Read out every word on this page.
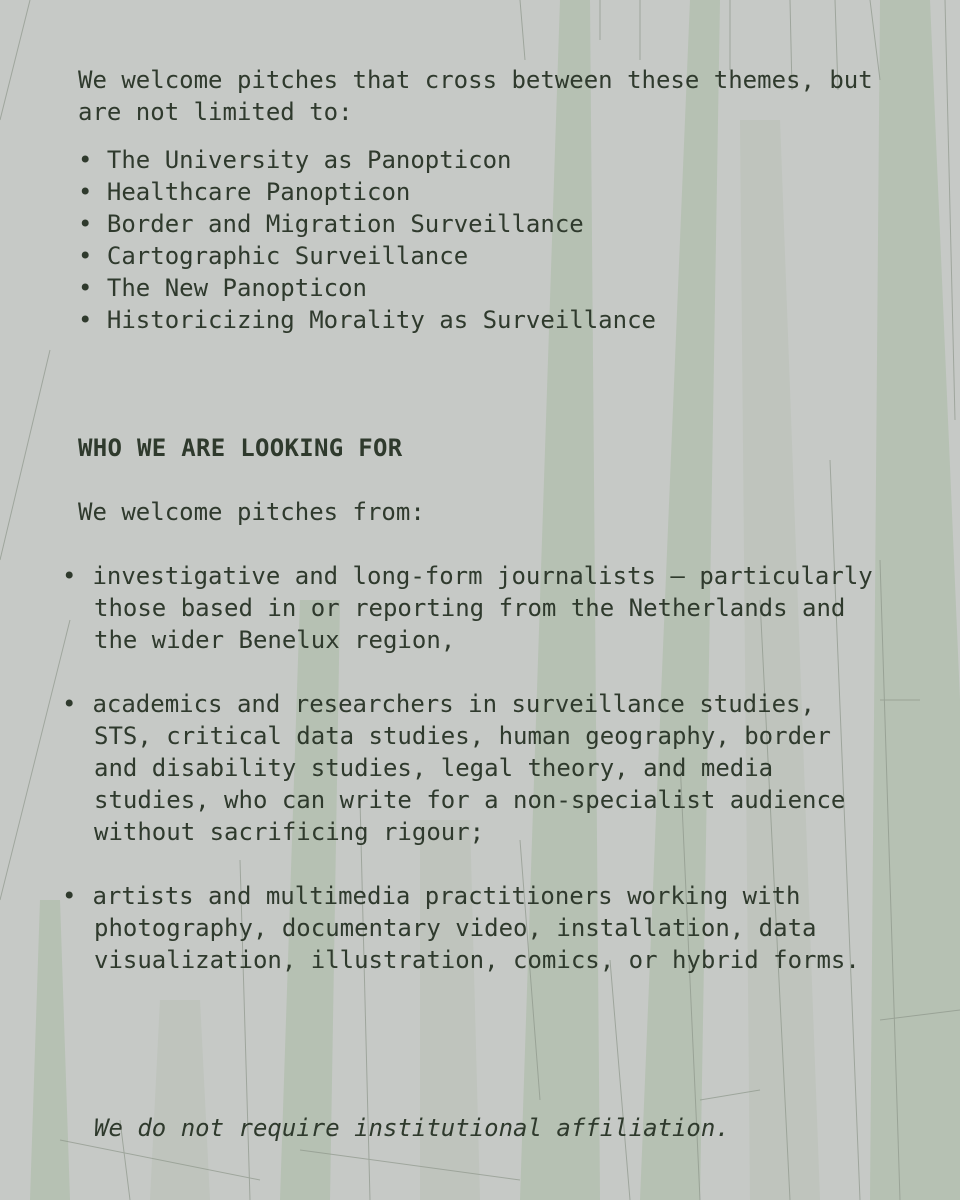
We welcome pitches that cross between these themes, but are not limited to:

• The University as Panopticon
• Healthcare Panopticon
• Border and Migration Surveillance
• Cartographic Surveillance
• The New Panopticon
• Historicizing Morality as Surveillance
WHO WE ARE LOOKING FOR

We welcome pitches from:

investigative and long-form journalists — particularly those based in or reporting from the Netherlands and the wider Benelux region,
academics and researchers in surveillance studies, STS, critical data studies, human geography, border and disability studies, legal theory, and media studies, who can write for a non-specialist audience without sacrificing rigour;
artists and multimedia practitioners working with photography, documentary video, installation, data visualization, illustration, comics, or hybrid forms.

We do not require institutional affiliation.
